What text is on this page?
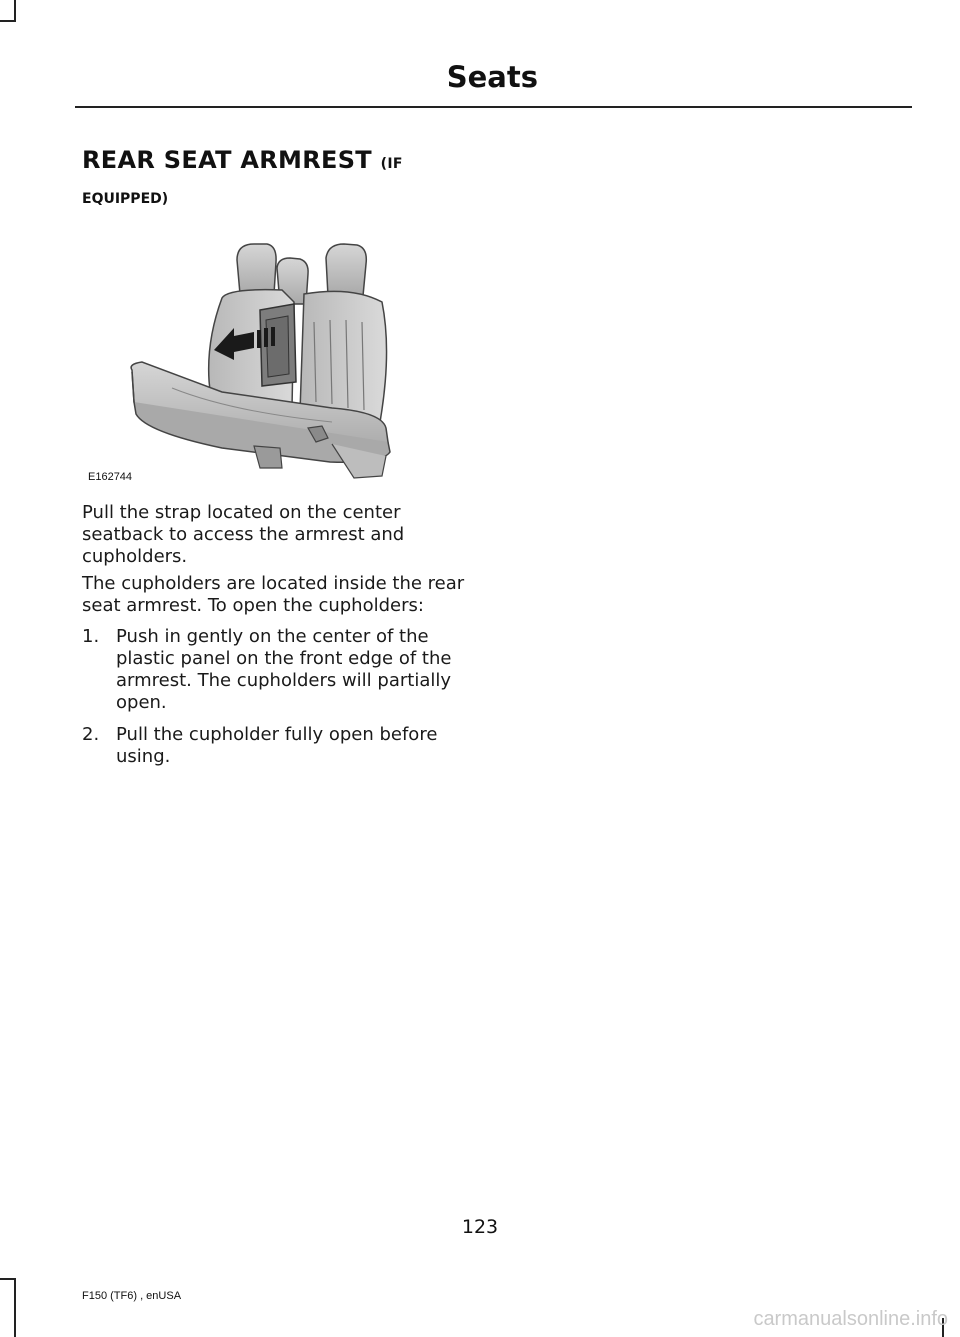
Seats
REAR SEAT ARMREST (IF
EQUIPPED)
E162744

Pull the strap located on the center seatback to access the armrest and cupholders.

The cupholders are located inside the rear seat armrest. To open the cupholders:

1. Push in gently on the center of the plastic panel on the front edge of the armrest. The cupholders will partially open.
2. Pull the cupholder fully open before using.
123
F150 (TF6) , enUSA
carmanualsonline.info
